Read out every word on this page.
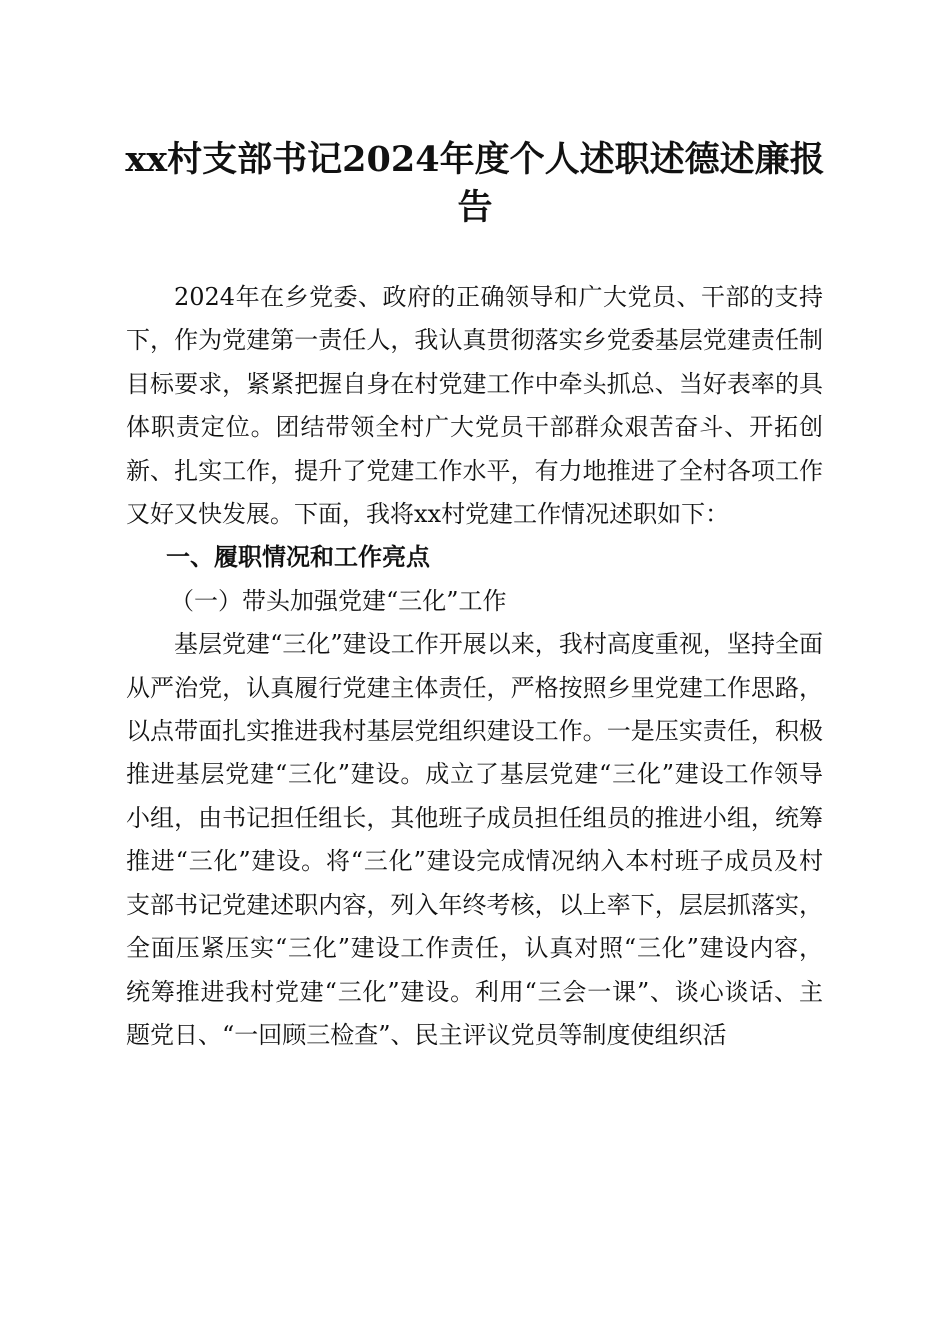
xx村支部书记2024年度个人述职述德述廉报告

2024年在乡党委、政府的正确领导和广大党员、干部的支持下，作为党建第一责任人，我认真贯彻落实乡党委基层党建责任制目标要求，紧紧把握自身在村党建工作中牵头抓总、当好表率的具体职责定位。团结带领全村广大党员干部群众艰苦奋斗、开拓创新、扎实工作，提升了党建工作水平，有力地推进了全村各项工作又好又快发展。下面，我将xx村党建工作情况述职如下：

一、履职情况和工作亮点

（一）带头加强党建“三化”工作

基层党建“三化”建设工作开展以来，我村高度重视，坚持全面从严治党，认真履行党建主体责任，严格按照乡里党建工作思路，以点带面扎实推进我村基层党组织建设工作。一是压实责任，积极推进基层党建“三化”建设。成立了基层党建“三化”建设工作领导小组，由书记担任组长，其他班子成员担任组员的推进小组，统筹推进“三化”建设。将“三化”建设完成情况纳入本村班子成员及村支部书记党建述职内容，列入年终考核，以上率下，层层抓落实，全面压紧压实“三化”建设工作责任，认真对照“三化”建设内容，统筹推进我村党建“三化”建设。利用“三会一课”、谈心谈话、主题党日、“一回顾三检查”、民主评议党员等制度使组织活
